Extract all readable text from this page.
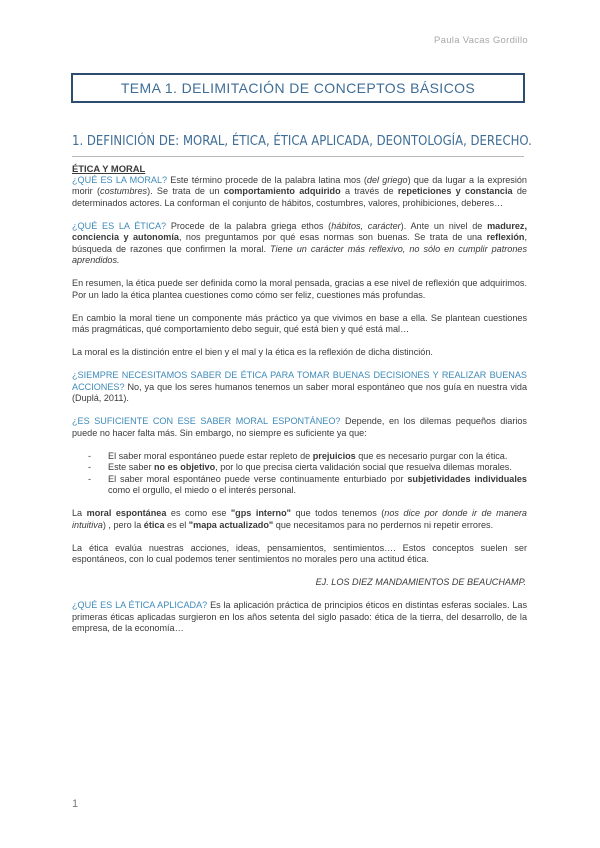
Paula Vacas Gordillo
TEMA 1. DELIMITACIÓN DE CONCEPTOS BÁSICOS
1. DEFINICIÓN DE: MORAL, ÉTICA, ÉTICA APLICADA, DEONTOLOGÍA, DERECHO.

ÉTICA Y MORAL

¿QUÉ ES LA MORAL? Este término procede de la palabra latina mos (del griego) que da lugar a la expresión morir (costumbres). Se trata de un comportamiento adquirido a través de repeticiones y constancia de determinados actores. La conforman el conjunto de hábitos, costumbres, valores, prohibiciones, deberes…

¿QUÉ ES LA ÉTICA? Procede de la palabra griega ethos (hábitos, carácter). Ante un nivel de madurez, conciencia y autonomía, nos preguntamos por qué esas normas son buenas. Se trata de una reflexión, búsqueda de razones que confirmen la moral. Tiene un carácter más reflexivo, no sólo en cumplir patrones aprendidos.

En resumen, la ética puede ser definida como la moral pensada, gracias a ese nivel de reflexión que adquirimos. Por un lado la ética plantea cuestiones como cómo ser feliz, cuestiones más profundas.

En cambio la moral tiene un componente más práctico ya que vivimos en base a ella. Se plantean cuestiones más pragmáticas, qué comportamiento debo seguir, qué está bien y qué está mal…

La moral es la distinción entre el bien y el mal y la ética es la reflexión de dicha distinción.

¿SIEMPRE NECESITAMOS SABER DE ÉTICA PARA TOMAR BUENAS DECISIONES Y REALIZAR BUENAS ACCIONES? No, ya que los seres humanos tenemos un saber moral espontáneo que nos guía en nuestra vida (Duplá, 2011).

¿ES SUFICIENTE CON ESE SABER MORAL ESPONTÁNEO? Depende, en los dilemas pequeños diarios puede no hacer falta más. Sin embargo, no siempre es suficiente ya que:

- El saber moral espontáneo puede estar repleto de prejuicios que es necesario purgar con la ética.
- Este saber no es objetivo, por lo que precisa cierta validación social que resuelva dilemas morales.
- El saber moral espontáneo puede verse continuamente enturbiado por subjetividades individuales como el orgullo, el miedo o el interés personal.

La moral espontánea es como ese "gps interno" que todos tenemos (nos dice por donde ir de manera intuitiva) , pero la ética es el "mapa actualizado" que necesitamos para no perdernos ni repetir errores.

La ética evalúa nuestras acciones, ideas, pensamientos, sentimientos…. Estos conceptos suelen ser espontáneos, con lo cual podemos tener sentimientos no morales pero una actitud ética.

EJ. LOS DIEZ MANDAMIENTOS DE BEAUCHAMP.

¿QUÉ ES LA ÉTICA APLICADA? Es la aplicación práctica de principios éticos en distintas esferas sociales. Las primeras éticas aplicadas surgieron en los años setenta del siglo pasado: ética de la tierra, del desarrollo, de la empresa, de la economía…

1
